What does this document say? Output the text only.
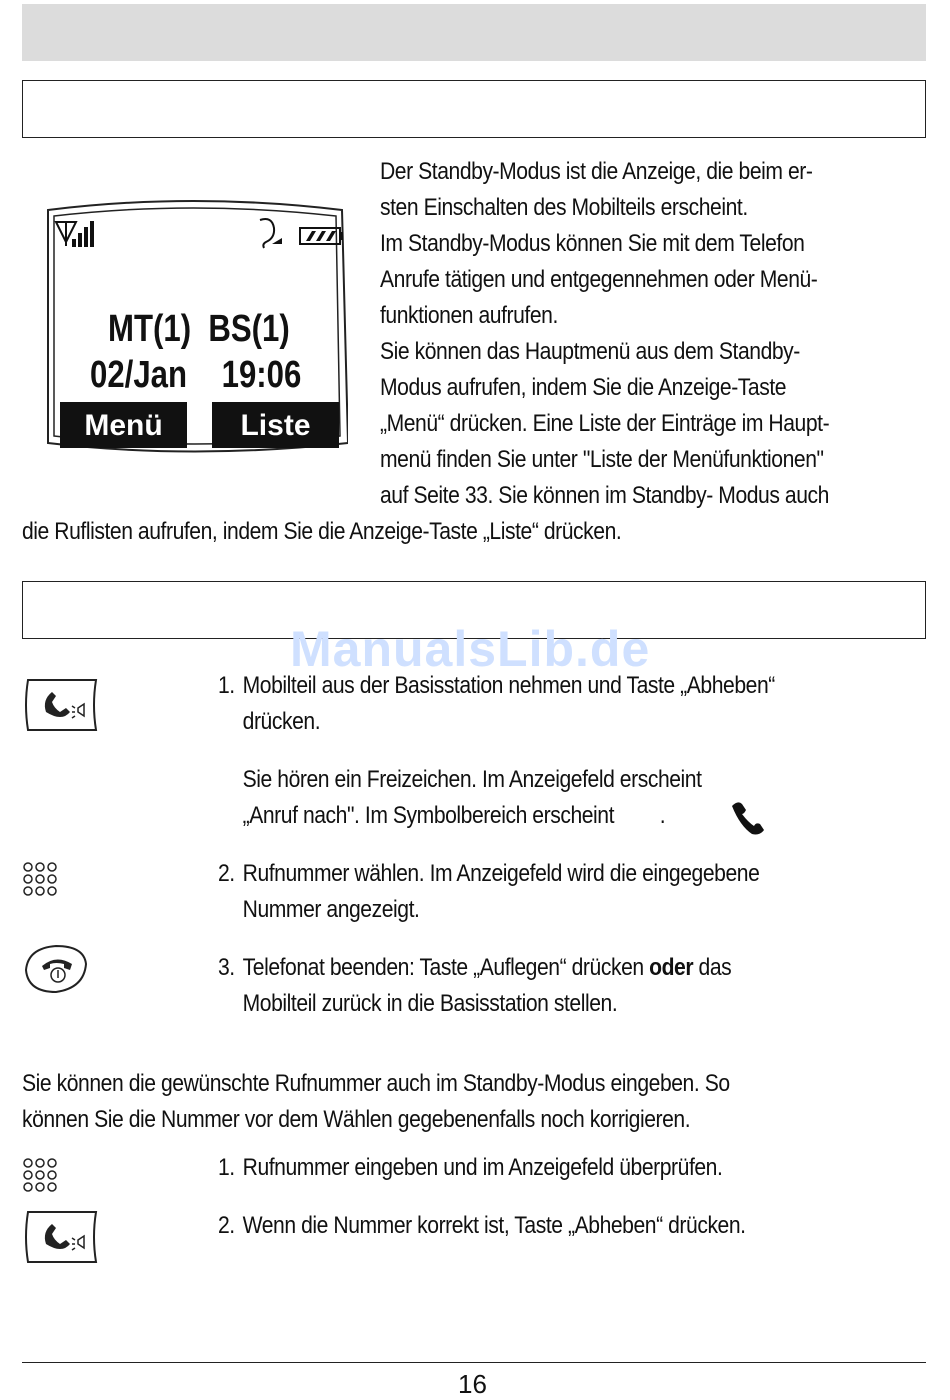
MT(1)  BS(1)
02/Jan    19:06
Menü	Liste
Der Standby-Modus ist die Anzeige, die beim er-
sten Einschalten des Mobilteils erscheint.
Im Standby-Modus können Sie mit dem Telefon
Anrufe tätigen und entgegennehmen oder Menü-
funktionen aufrufen.
Sie können das Hauptmenü aus dem Standby-
Modus aufrufen, indem Sie die Anzeige-Taste
„Menü“ drücken. Eine Liste der Einträge im Haupt-
menü finden Sie unter "Liste der Menüfunktionen"
auf Seite 33. Sie können im Standby- Modus auch
die Ruflisten aufrufen, indem Sie die Anzeige-Taste „Liste“ drücken.
ManualsLib.de
1. Mobilteil aus der Basisstation nehmen und Taste „Abheben“
drücken.
Sie hören ein Freizeichen. Im Anzeigefeld erscheint
„Anruf nach". Im Symbolbereich erscheint .
2. Rufnummer wählen. Im Anzeigefeld wird die eingegebene
Nummer angezeigt.
3. Telefonat beenden: Taste „Auflegen“ drücken oder das
Mobilteil zurück in die Basisstation stellen.
Sie können die gewünschte Rufnummer auch im Standby-Modus eingeben. So
können Sie die Nummer vor dem Wählen gegebenenfalls noch korrigieren.
1. Rufnummer eingeben und im Anzeigefeld überprüfen.
2. Wenn die Nummer korrekt ist, Taste „Abheben“ drücken.
16
